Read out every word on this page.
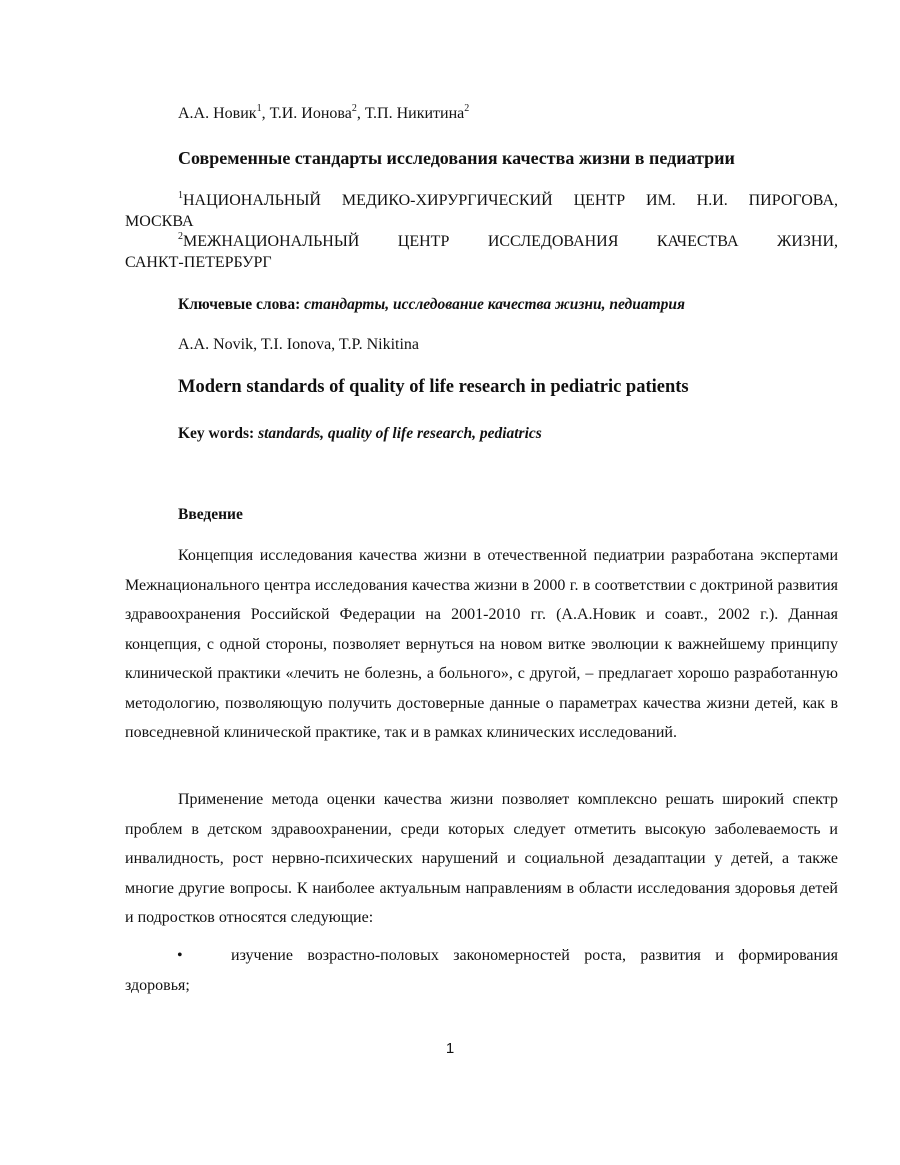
А.А. Новик$^1$, Т.И. Ионова$^2$, Т.П. Никитина$^2$
Современные стандарты исследования качества жизни в педиатрии
$^1$НАЦИОНАЛЬНЫЙ МЕДИКО-ХИРУРГИЧЕСКИЙ ЦЕНТР ИМ. Н.И. ПИРОГОВА,
МОСКВА
$^2$МЕЖНАЦИОНАЛЬНЫЙ ЦЕНТР ИССЛЕДОВАНИЯ КАЧЕСТВА ЖИЗНИ,
САНКТ-ПЕТЕРБУРГ
Ключевые слова: стандарты, исследование качества жизни, педиатрия
A.A. Novik, T.I. Ionova, T.P. Nikitina
Modern standards of quality of life research in pediatric patients
Key words: standards, quality of life research, pediatrics
Введение

Концепция исследования качества жизни в отечественной педиатрии разработана экспертами Межнационального центра исследования качества жизни в 2000 г. в соответствии с доктриной развития здравоохранения Российской Федерации на 2001-2010 гг. (А.А.Новик и соавт., 2002 г.). Данная концепция, с одной стороны, позволяет вернуться на новом витке эволюции к важнейшему принципу клинической практики «лечить не болезнь, а больного», с другой, – предлагает хорошо разработанную методологию, позволяющую получить достоверные данные о параметрах качества жизни детей, как в повседневной клинической практике, так и в рамках клинических исследований.

Применение метода оценки качества жизни позволяет комплексно решать широкий спектр проблем в детском здравоохранении, среди которых следует отметить высокую заболеваемость и инвалидность, рост нервно-психических нарушений и социальной дезадаптации у детей, а также многие другие вопросы. К наиболее актуальным направлениям в области исследования здоровья детей и подростков относятся следующие:

•	изучение возрастно-половых закономерностей роста, развития и формирования здоровья;
1
